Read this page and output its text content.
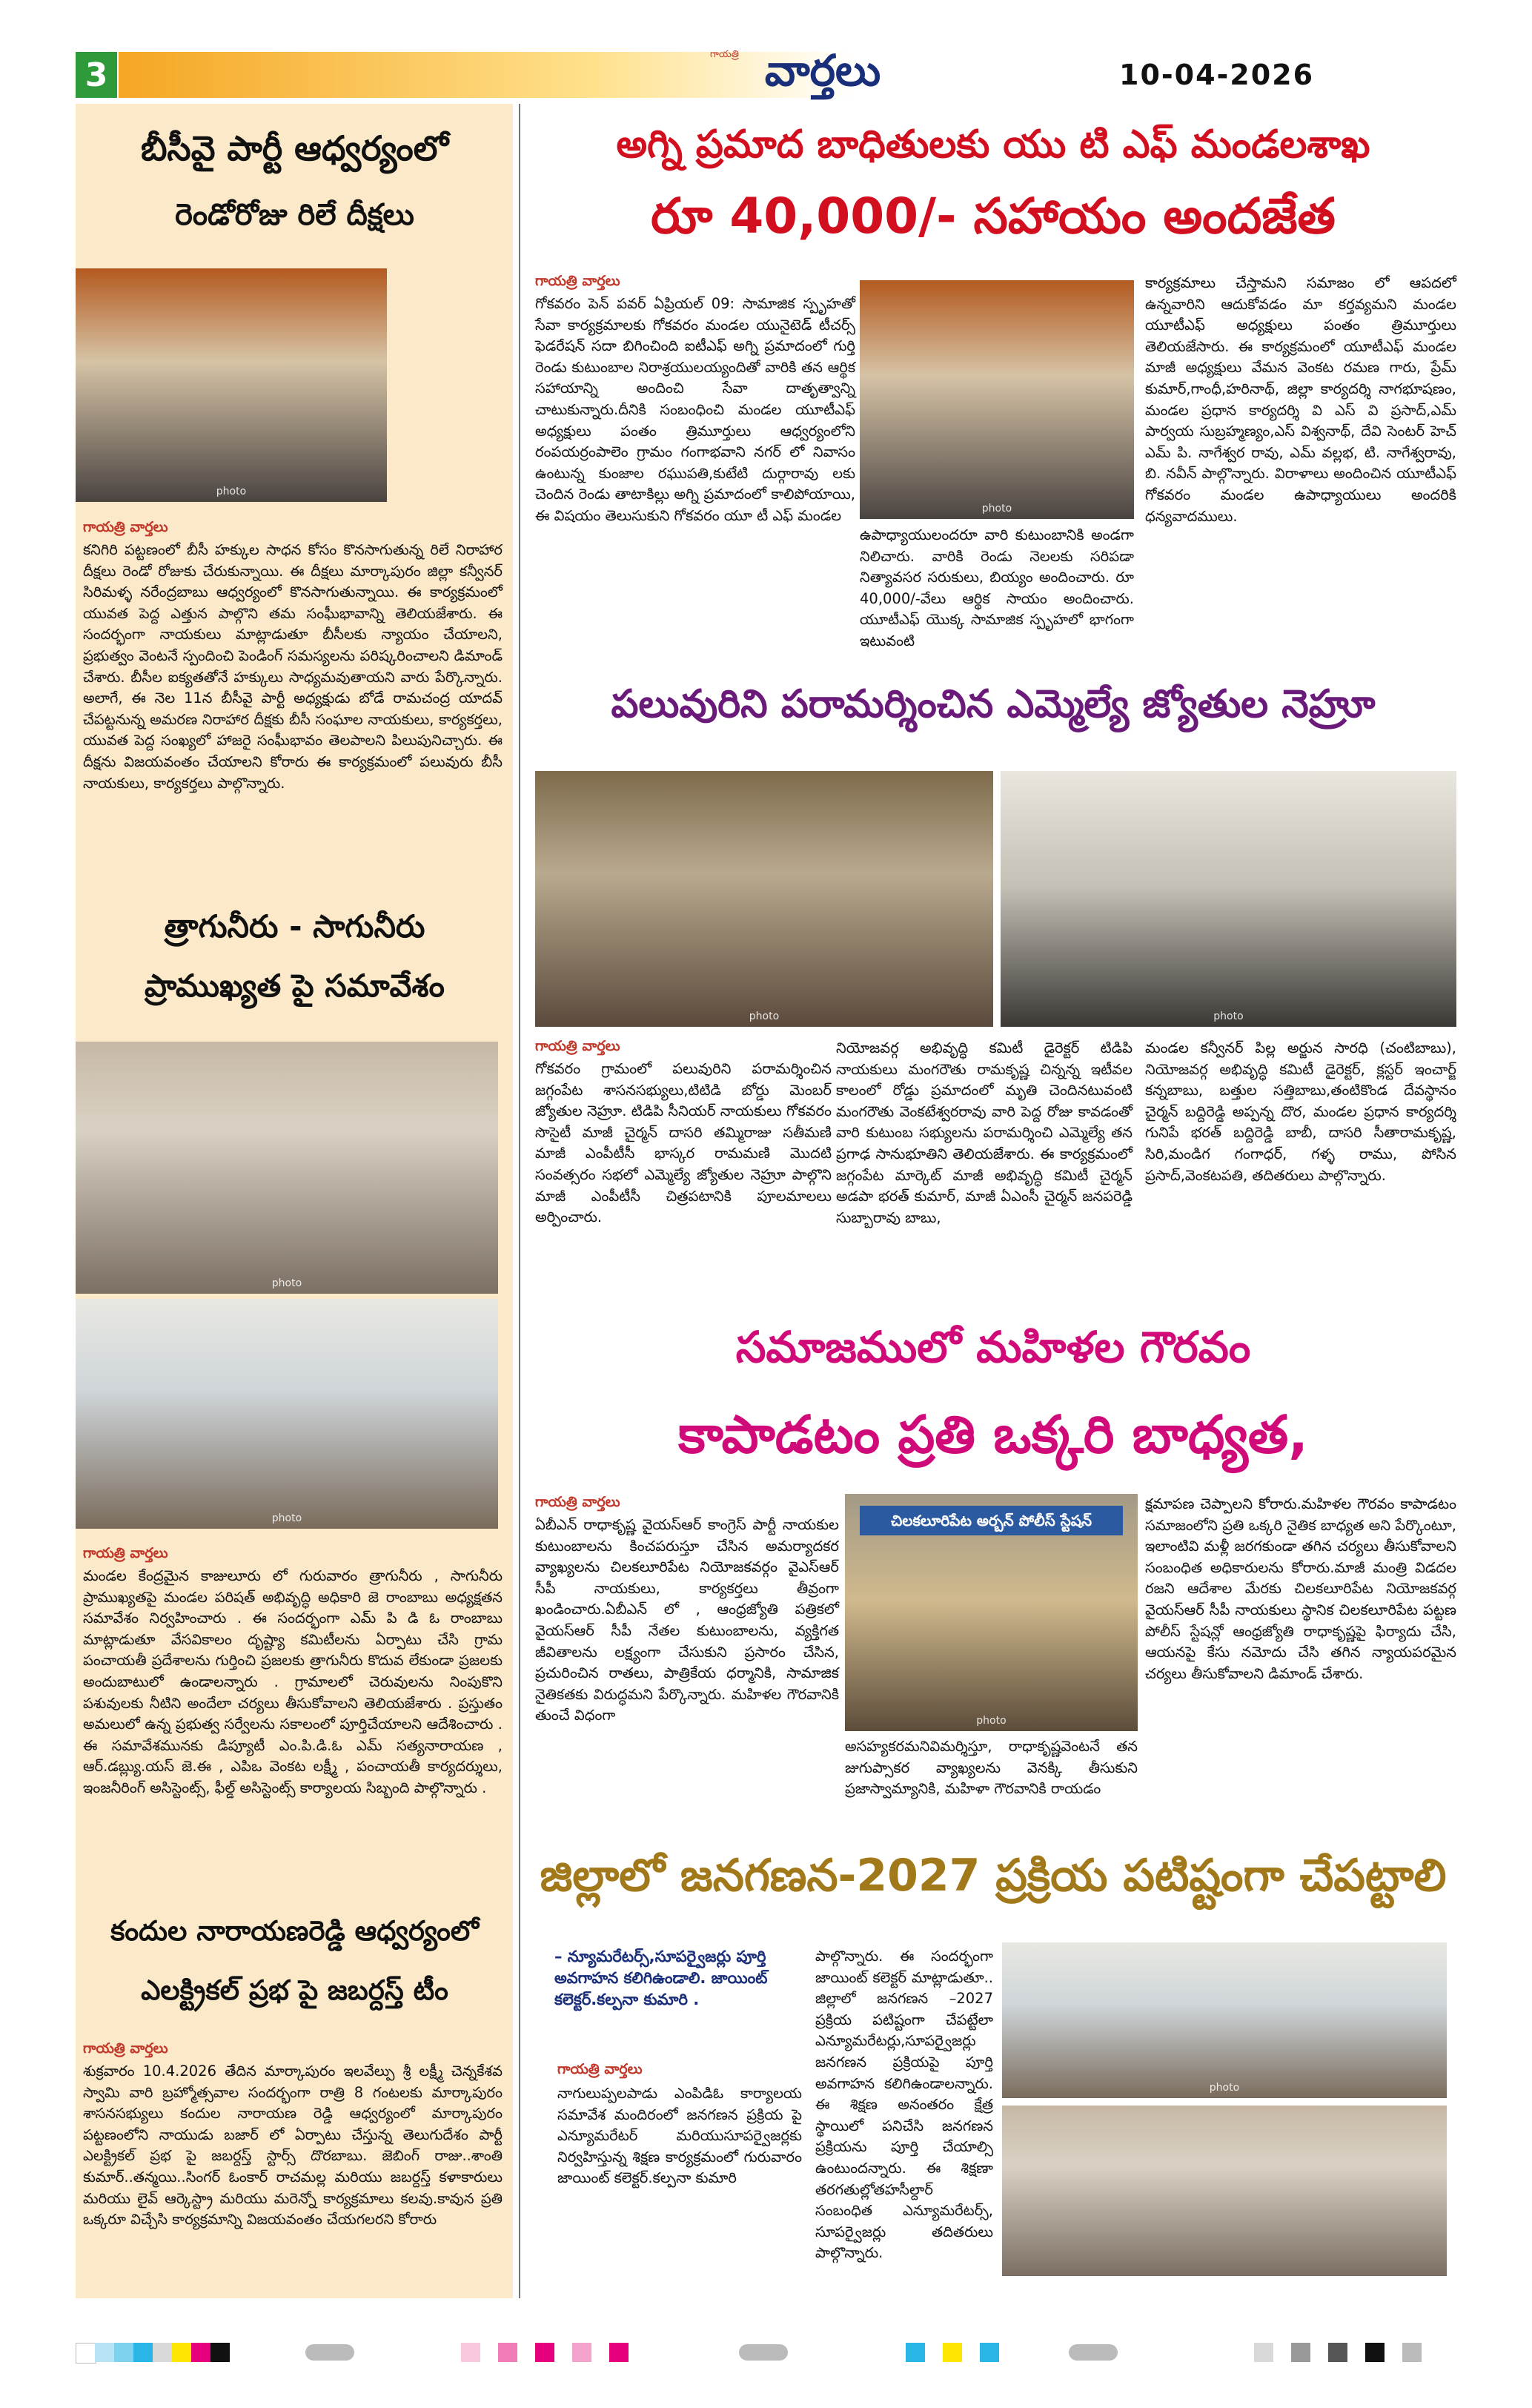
3
గాయత్రి వార్తలు	10-04-2026
బీసీవై పార్టీ ఆధ్వర్యంలో
రెండోరోజు రిలే దీక్షలు
photo
గాయత్రి వార్తలు
కనిగిరి పట్టణంలో బీసీ హక్కుల సాధన కోసం కొనసాగుతున్న రిలే నిరాహార దీక్షలు రెండో రోజుకు చేరుకున్నాయి. ఈ దీక్షలు మార్కాపురం జిల్లా కన్వీనర్ సిరిమళ్ళ నరేంద్రబాబు ఆధ్వర్యంలో కొనసాగుతున్నాయి. ఈ కార్యక్రమంలో యువత పెద్ద ఎత్తున పాల్గొని తమ సంఘీభావాన్ని తెలియజేశారు. ఈ సందర్భంగా నాయకులు మాట్లాడుతూ బీసీలకు న్యాయం చేయాలని, ప్రభుత్వం వెంటనే స్పందించి పెండింగ్ సమస్యలను పరిష్కరించాలని డిమాండ్ చేశారు. బీసీల ఐక్యతతోనే హక్కులు సాధ్యమవుతాయని వారు పేర్కొన్నారు. అలాగే, ఈ నెల 11న బీసీవై పార్టీ అధ్యక్షుడు బోడే రామచంద్ర యాదవ్ చేపట్టనున్న అమరణ నిరాహార దీక్షకు బీసీ సంఘాల నాయకులు, కార్యకర్తలు, యువత పెద్ద సంఖ్యలో హాజరై సంఘీభావం తెలపాలని పిలుపునిచ్చారు. ఈ దీక్షను విజయవంతం చేయాలని కోరారు ఈ కార్యక్రమంలో పలువురు బీసీ నాయకులు, కార్యకర్తలు పాల్గొన్నారు.
త్రాగునీరు - సాగునీరు
ప్రాముఖ్యత పై సమావేశం
photo
photo
గాయత్రి వార్తలు
మండల కేంద్రమైన కాజులూరు లో గురువారం త్రాగునీరు , సాగునీరు ప్రాముఖ్యతపై మండల పరిషత్ అభివృద్ధి అధికారి జె రాంబాబు అధ్యక్షతన సమావేశం నిర్వహించారు . ఈ సందర్భంగా ఎమ్ పి డి ఓ రాంబాబు మాట్లాడుతూ వేసవికాలం దృష్ట్యా కమిటీలను ఏర్పాటు చేసి గ్రామ పంచాయతీ ప్రదేశాలను గుర్తించి ప్రజలకు త్రాగునీరు కొదువ లేకుండా ప్రజలకు అందుబాటులో ఉండాలన్నారు . గ్రామాలలో చెరువులను నింపుకొని పశువులకు నీటిని అందేలా చర్యలు తీసుకోవాలని తెలియజేశారు . ప్రస్తుతం అమలులో ఉన్న ప్రభుత్వ సర్వేలను సకాలంలో పూర్తిచేయాలని ఆదేశించారు . ఈ సమావేశమునకు డిప్యూటీ ఎం.పి.డి.ఓ ఎమ్ సత్యనారాయణ , ఆర్.డబ్ల్యు.యస్ జె.ఈ , ఎపిఒ వెంకట లక్ష్మీ , పంచాయతీ కార్యదర్శులు, ఇంజనీరింగ్ అసిస్టెంట్స్, ఫీల్డ్ అసిస్టెంట్స్ కార్యాలయ సిబ్బంది పాల్గొన్నారు .
కందుల నారాయణరెడ్డి ఆధ్వర్యంలో
ఎలక్ట్రికల్ ప్రభ పై జబర్దస్త్ టీం
గాయత్రి వార్తలు
శుక్రవారం 10.4.2026 తేదిన మార్కాపురం ఇలవేల్పు శ్రీ లక్ష్మీ చెన్నకేశవ స్వామి వారి బ్రహ్మోత్సవాల సందర్భంగా రాత్రి 8 గంటలకు మార్కాపురం శాసనసభ్యులు కందుల నారాయణ రెడ్డి ఆధ్వర్యంలో మార్కాపురం పట్టణంలోని నాయుడు బజార్ లో ఏర్పాటు చేస్తున్న తెలుగుదేశం పార్టీ ఎలక్ట్రికల్ ప్రభ పై జబర్దస్త్ స్టార్స్ దొరబాబు. జెబింగ్ రాజు..శాంతి కుమార్..తన్మయి..సింగర్ ఓంకార్ రాచమల్ల మరియు జబర్దస్త్ కళాకారులు మరియు లైవ్ ఆర్కెస్ట్రా మరియు మరెన్నో కార్యక్రమాలు కలవు.కావున ప్రతి ఒక్కరూ విచ్చేసి కార్యక్రమాన్ని విజయవంతం చేయగలరని కోరారు
అగ్ని ప్రమాద బాధితులకు యు టి ఎఫ్ మండలశాఖ
రూ 40,000/- సహాయం అందజేత
గాయత్రి వార్తలు
గోకవరం పెన్ పవర్ ఏప్రియల్ 09: సామాజిక స్పృహతో సేవా కార్యక్రమాలకు గోకవరం మండల యునైటెడ్ టీచర్స్ ఫెడరేషన్ సదా బిగించింది ఐటీఎఫ్ అగ్ని ప్రమాదంలో గుర్తి రెండు కుటుంబాల నిరాశ్రయులయ్యందితో వారికి తన ఆర్థిక సహాయాన్ని అందించి సేవా దాతృత్వాన్ని చాటుకున్నారు.దీనికి సంబంధించి మండల యూటీఎఫ్ అధ్యక్షులు పంతం త్రిమూర్తులు ఆధ్వర్యంలోని రంపయర్రంపాలెం గ్రామం గంగాభవాని నగర్ లో నివాసం ఉంటున్న కుంజాల రఘుపతి,కుటేటి దుర్గారావు లకు చెందిన రెండు తాటాకిల్లు అగ్ని ప్రమాదంలో కాలిపోయాయి, ఈ విషయం తెలుసుకుని గోకవరం యూ టీ ఎఫ్ మండల	photo
ఉపాధ్యాయులందరూ వారి కుటుంబానికి అండగా నిలిచారు. వారికి రెండు నెలలకు సరిపడా నిత్యావసర సరుకులు, బియ్యం అందించారు. రూ 40,000/-వేలు ఆర్థిక సాయం అందించారు. యూటీఎఫ్ యొక్క సామాజిక స్పృహలో భాగంగా ఇటువంటి
కార్యక్రమాలు చేస్తామని సమాజం లో ఆపదలో ఉన్నవారిని ఆదుకోవడం మా కర్తవ్యమని మండల యూటీఎఫ్ అధ్యక్షులు పంతం త్రిమూర్తులు తెలియజేసారు. ఈ కార్యక్రమంలో యూటీఎఫ్ మండల మాజీ అధ్యక్షులు వేమన వెంకట రమణ గారు, ప్రేమ్ కుమార్,గాంధీ,హరినాథ్, జిల్లా కార్యదర్శి నాగభూషణం, మండల ప్రధాన కార్యదర్శి వి ఎస్ వి ప్రసాద్,ఎమ్ పార్వయ సుబ్రహ్మణ్యం,ఎస్ విశ్వనాథ్, దేవి సెంటర్ హెచ్ ఎమ్ పి. నాగేశ్వర రావు, ఎమ్ వల్లభ, టి. నాగేశ్వరావు, బి. నవీన్ పాల్గొన్నారు. విరాళాలు అందించిన యూటీఎఫ్ గోకవరం మండల ఉపాధ్యాయులు అందరికి ధన్యవాదములు.
పలువురిని పరామర్శించిన ఎమ్మెల్యే జ్యోతుల నెహ్రూ
photo	photo
గాయత్రి వార్తలు
గోకవరం గ్రామంలో పలువురిని పరామర్శించిన జగ్గంపేట శాసనసభ్యులు,టిటిడి బోర్డు మెంబర్ జ్యోతుల నెహ్రూ. టిడిపి సీనియర్ నాయకులు గోకవరం సొసైటీ మాజీ చైర్మన్ దాసరి తమ్మిరాజు సతీమణి మాజీ ఎంపీటీసీ భాస్కర రామమణి మొదటి సంవత్సరం సభలో ఎమ్మెల్యే జ్యోతుల నెహ్రూ పాల్గొని మాజీ ఎంపీటీసీ చిత్రపటానికి పూలమాలలు అర్పించారు.
నియోజవర్గ అభివృద్ధి కమిటీ డైరెక్టర్ టిడిపి నాయకులు మంగరౌతు రామకృష్ణ చిన్నన్న ఇటీవల కాలంలో రోడ్డు ప్రమాదంలో మృతి చెందినటువంటి మంగరౌతు వెంకటేశ్వరరావు వారి పెద్ద రోజు కావడంతో వారి కుటుంబ సభ్యులను పరామర్శించి ఎమ్మెల్యే తన ప్రగాఢ సానుభూతిని తెలియజేశారు. ఈ కార్యక్రమంలో జగ్గంపేట మార్కెట్ మాజీ అభివృద్ధి కమిటీ చైర్మన్ అడపా భరత్ కుమార్, మాజీ ఏఎంసీ చైర్మన్ జనపరెడ్డి సుబ్బారావు బాబు,
మండల కన్వీనర్ పిల్ల అర్జున సారధి (చంటిబాబు), నియోజవర్గ అభివృద్ధి కమిటీ డైరెక్టర్, క్లస్టర్ ఇంచార్జ్ కన్నబాబు, బత్తుల సత్తిబాబు,తంటికొండ దేవస్థానం చైర్మన్ బద్దిరెడ్డి అప్పన్న దొర, మండల ప్రధాన కార్యదర్శి గునిపే భరత్ బద్దిరెడ్డి బాబీ, దాసరి సీతారామకృష్ణ, సిరి,మండిగ గంగాధర్, గళ్ళ రాము, పోసిన ప్రసాద్,వెంకటపతి, తదితరులు పాల్గొన్నారు.
సమాజములో మహిళల గౌరవం
కాపాడటం ప్రతి ఒక్కరి బాధ్యత,
గాయత్రి వార్తలు
ఏబీఎన్ రాధాకృష్ణ వైయస్ఆర్ కాంగ్రెస్ పార్టీ నాయకుల కుటుంబాలను కించపరుస్తూ చేసిన అమర్యాదకర వ్యాఖ్యలను చిలకలూరిపేట నియోజకవర్గం వైఎస్ఆర్ సీపీ నాయకులు, కార్యకర్తలు తీవ్రంగా ఖండించారు.ఏబీఎన్ లో , ఆంధ్రజ్యోతి పత్రికలో వైయస్ఆర్ సీపీ నేతల కుటుంబాలను, వ్యక్తిగత జీవితాలను లక్ష్యంగా చేసుకుని ప్రసారం చేసిన, ప్రచురించిన రాతలు, పాత్రికేయ ధర్మానికి, సామాజిక నైతికతకు విరుద్ధమని పేర్కొన్నారు. మహిళల గౌరవానికి తుంచే విధంగా
చిలకలూరిపేట అర్బన్ పోలీస్ స్టేషన్
photo
అసహ్యకరమనివిమర్శిస్తూ, రాధాకృష్ణవెంటనే తన జుగుప్సాకర వ్యాఖ్యలను వెనక్కి తీసుకుని ప్రజాస్వామ్యానికి, మహిళా గౌరవానికి రాయడం
క్షమాపణ చెప్పాలని కోరారు.మహిళల గౌరవం కాపాడటం సమాజంలోని ప్రతి ఒక్కరి నైతిక బాధ్యత అని పేర్కొంటూ, ఇలాంటివి మళ్లీ జరగకుండా తగిన చర్యలు తీసుకోవాలని సంబంధిత అధికారులను కోరారు.మాజీ మంత్రి విడదల రజని ఆదేశాల మేరకు చిలకలూరిపేట నియోజకవర్గ వైయస్ఆర్ సీపీ నాయకులు స్థానిక చిలకలూరిపేట పట్టణ పోలీస్ స్టేషన్లో ఆంధ్రజ్యోతి రాధాకృష్ణపై ఫిర్యాదు చేసి, ఆయనపై కేసు నమోదు చేసి తగిన న్యాయపరమైన చర్యలు తీసుకోవాలని డిమాండ్ చేశారు.
జిల్లాలో జనగణన-2027 ప్రక్రియ పటిష్టంగా చేపట్టాలి
– న్యూమరేటర్స్,సూపర్వైజర్లు పూర్తి అవగాహన కలిగిఉండాలి. జాయింట్ కలెక్టర్.కల్పనా కుమారి .
గాయత్రి వార్తలు
నాగులుప్పలపాడు ఎంపిడిఓ కార్యాలయ సమావేశ మందిరంలో జనగణన ప్రక్రియ పై ఎన్యూమరేటర్ మరియుసూపర్వైజర్లకు నిర్వహిస్తున్న శిక్షణ కార్యక్రమంలో గురువారం జాయింట్ కలెక్టర్.కల్పనా కుమారి
పాల్గొన్నారు. ఈ సందర్భంగా జాయింట్ కలెక్టర్ మాట్లాడుతూ.. జిల్లాలో జనగణన –2027 ప్రక్రియ పటిష్టంగా చేపట్టేలా ఎన్యూమరేటర్లు,సూపర్వైజర్లు జనగణన ప్రక్రియపై పూర్తి అవగాహన కలిగిఉండాలన్నారు. ఈ శిక్షణ అనంతరం క్షేత్ర స్థాయిలో పనిచేసి జనగణన ప్రక్రియను పూర్తి చేయాల్సి ఉంటుందన్నారు. ఈ శిక్షణా తరగతుల్లోతహసీల్దార్ సంబంధిత ఎన్యూమరేటర్స్, సూపర్వైజర్లు తదితరులు పాల్గొన్నారు.
photo
